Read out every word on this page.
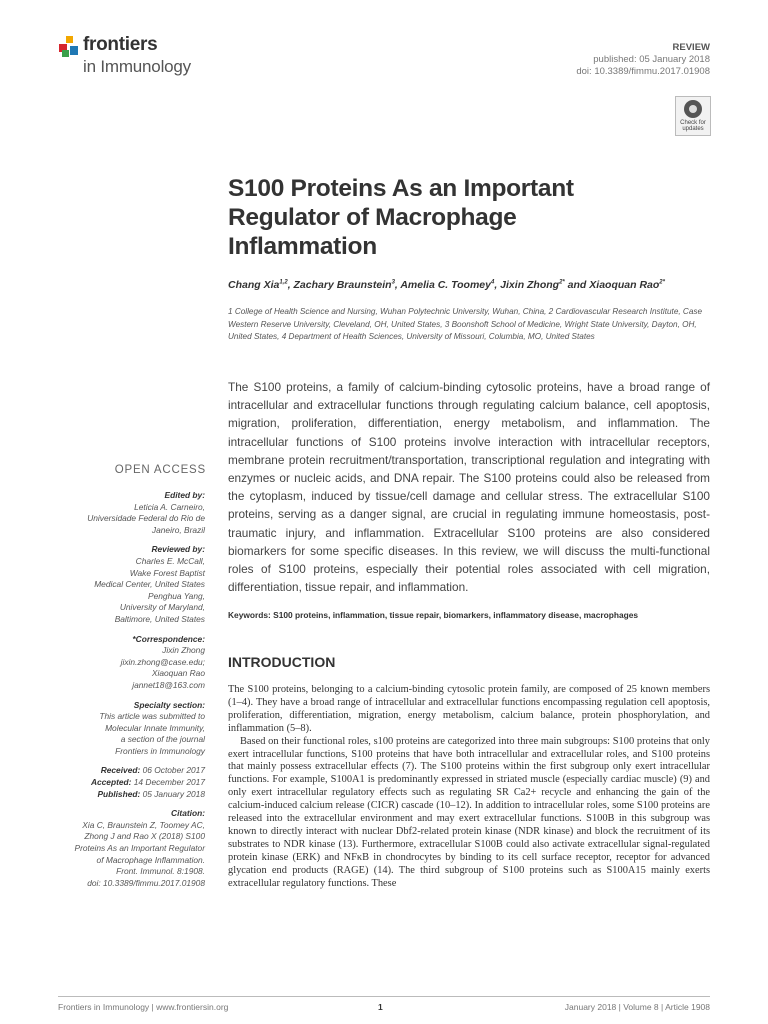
frontiers
in Immunology
REVIEW
published: 05 January 2018
doi: 10.3389/fimmu.2017.01908
Check for updates
S100 Proteins As an Important Regulator of Macrophage Inflammation
Chang Xia$^{1,2}$, Zachary Braunstein$^3$, Amelia C. Toomey$^4$, Jixin Zhong$^{2*}$ and Xiaoquan Rao$^{2*}$
1 College of Health Science and Nursing, Wuhan Polytechnic University, Wuhan, China, 2 Cardiovascular Research Institute, Case Western Reserve University, Cleveland, OH, United States, 3 Boonshoft School of Medicine, Wright State University, Dayton, OH, United States, 4 Department of Health Sciences, University of Missouri, Columbia, MO, United States
The S100 proteins, a family of calcium-binding cytosolic proteins, have a broad range of intracellular and extracellular functions through regulating calcium balance, cell apoptosis, migration, proliferation, differentiation, energy metabolism, and inflammation. The intracellular functions of S100 proteins involve interaction with intracellular receptors, membrane protein recruitment/transportation, transcriptional regulation and integrating with enzymes or nucleic acids, and DNA repair. The S100 proteins could also be released from the cytoplasm, induced by tissue/cell damage and cellular stress. The extracellular S100 proteins, serving as a danger signal, are crucial in regulating immune homeostasis, post-traumatic injury, and inflammation. Extracellular S100 proteins are also considered biomarkers for some specific diseases. In this review, we will discuss the multi-functional roles of S100 proteins, especially their potential roles associated with cell migration, differentiation, tissue repair, and inflammation.
Keywords: S100 proteins, inflammation, tissue repair, biomarkers, inflammatory disease, macrophages
OPEN ACCESS
Edited by:
Leticia A. Carneiro,
Universidade Federal do Rio de
Janeiro, Brazil
Reviewed by:
Charles E. McCall,
Wake Forest Baptist
Medical Center, United States
Penghua Yang,
University of Maryland,
Baltimore, United States
*Correspondence:
Jixin Zhong
jixin.zhong@case.edu;
Xiaoquan Rao
jannet18@163.com
Specialty section:
This article was submitted to
Molecular Innate Immunity,
a section of the journal
Frontiers in Immunology
Received: 06 October 2017
Accepted: 14 December 2017
Published: 05 January 2018
Citation:
Xia C, Braunstein Z, Toomey AC,
Zhong J and Rao X (2018) S100
Proteins As an Important Regulator
of Macrophage Inflammation.
Front. Immunol. 8:1908.
doi: 10.3389/fimmu.2017.01908
INTRODUCTION

The S100 proteins, belonging to a calcium-binding cytosolic protein family, are composed of 25 known members (1–4). They have a broad range of intracellular and extracellular functions encompassing regulation cell apoptosis, proliferation, differentiation, migration, energy metabolism, calcium balance, protein phosphorylation, and inflammation (5–8).

Based on their functional roles, s100 proteins are categorized into three main subgroups: S100 proteins that only exert intracellular functions, S100 proteins that have both intracellular and extracellular roles, and S100 proteins that mainly possess extracellular effects (7). The S100 proteins within the first subgroup only exert intracellular functions. For example, S100A1 is predominantly expressed in striated muscle (especially cardiac muscle) (9) and only exert intracellular regulatory effects such as regulating SR Ca2+ recycle and enhancing the gain of the calcium-induced calcium release (CICR) cascade (10–12). In addition to intracellular roles, some S100 proteins are released into the extracellular environment and may exert extracellular functions. S100B in this subgroup was known to directly interact with nuclear Dbf2-related protein kinase (NDR kinase) and block the recruitment of its substrates to NDR kinase (13). Furthermore, extracellular S100B could also activate extracellular signal-regulated protein kinase (ERK) and NFκB in chondrocytes by binding to its cell surface receptor, receptor for advanced glycation end products (RAGE) (14). The third subgroup of S100 proteins such as S100A15 mainly exerts extracellular regulatory functions. These

Frontiers in Immunology | www.frontiersin.org	1	January 2018 | Volume 8 | Article 1908
